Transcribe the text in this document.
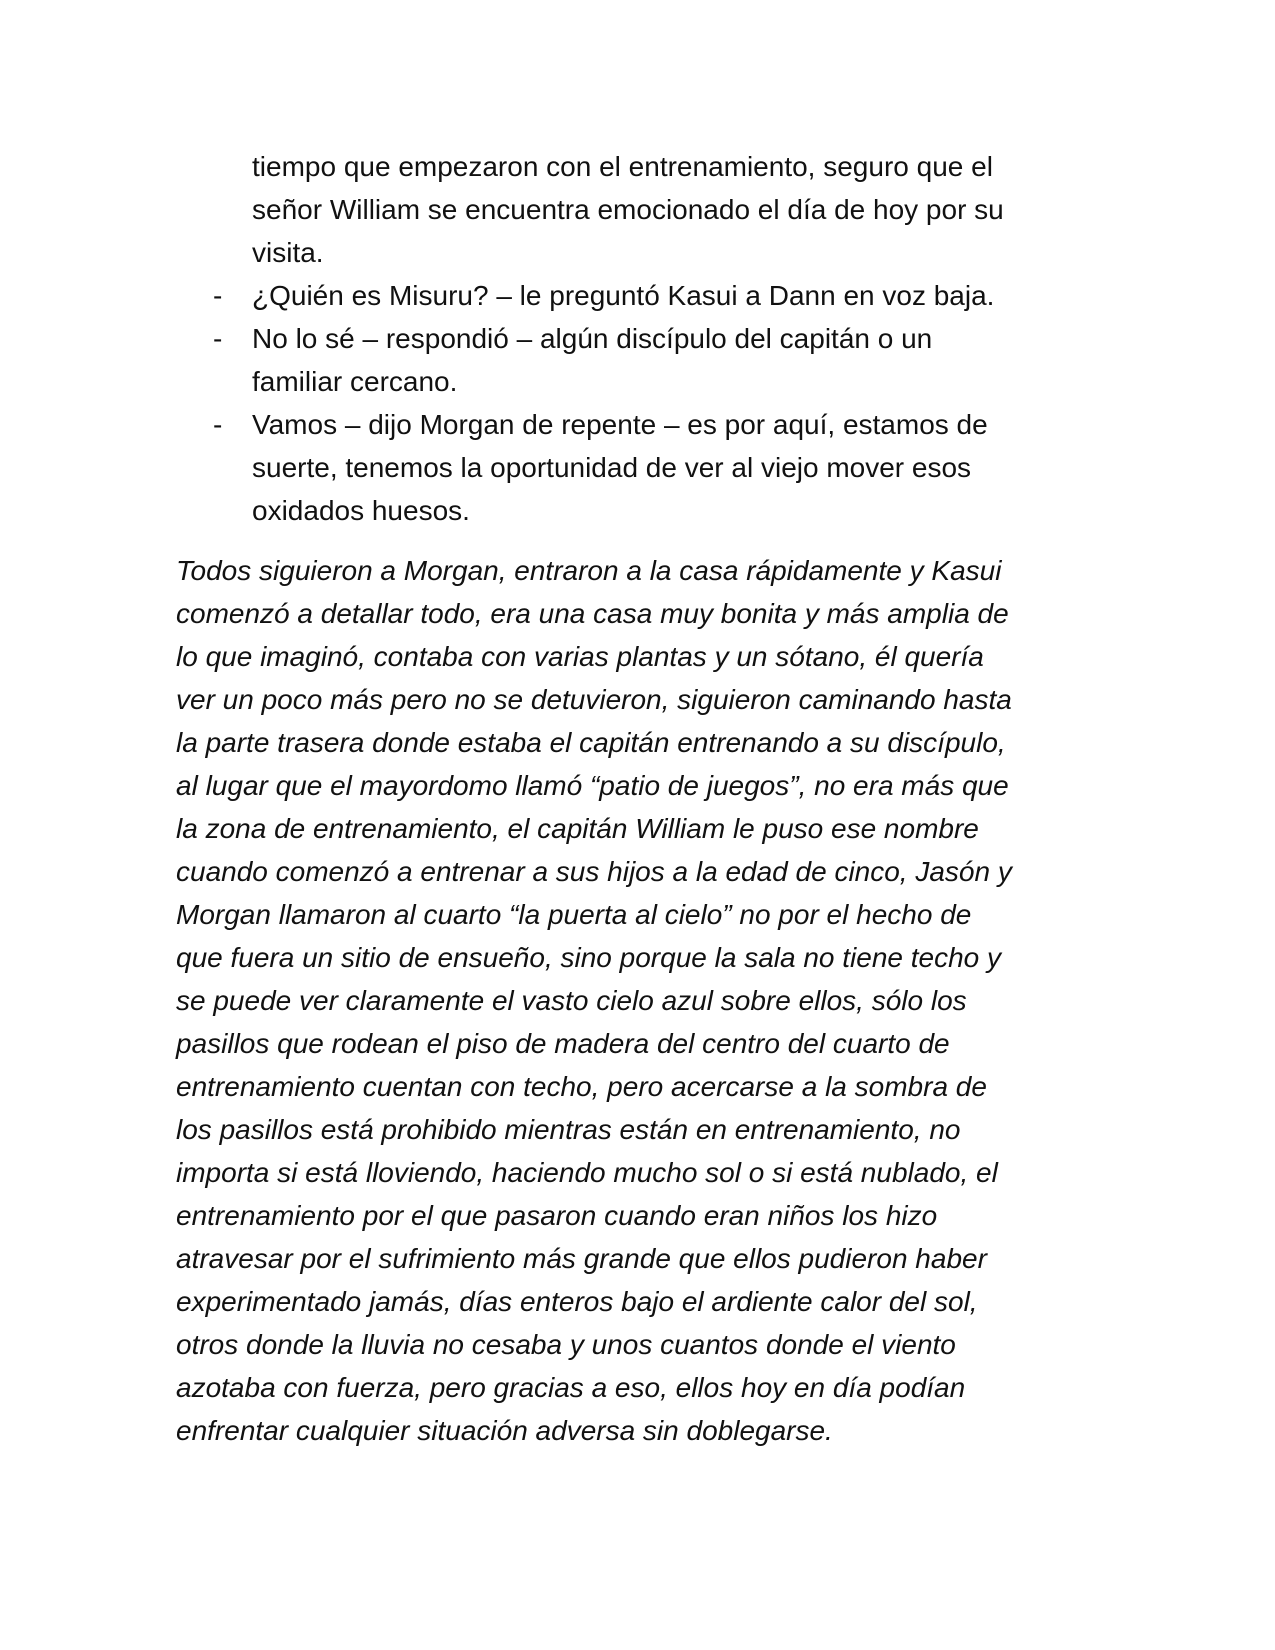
tiempo que empezaron con el entrenamiento, seguro que el
señor William se encuentra emocionado el día de hoy por su
visita.
- ¿Quién es Misuru? – le preguntó Kasui a Dann en voz baja.
- No lo sé – respondió – algún discípulo del capitán o un
familiar cercano.
- Vamos – dijo Morgan de repente – es por aquí, estamos de
suerte, tenemos la oportunidad de ver al viejo mover esos
oxidados huesos.
Todos siguieron a Morgan, entraron a la casa rápidamente y Kasui
comenzó a detallar todo, era una casa muy bonita y más amplia de
lo que imaginó, contaba con varias plantas y un sótano, él quería
ver un poco más pero no se detuvieron, siguieron caminando hasta
la parte trasera donde estaba el capitán entrenando a su discípulo,
al lugar que el mayordomo llamó “patio de juegos”, no era más que
la zona de entrenamiento, el capitán William le puso ese nombre
cuando comenzó a entrenar a sus hijos a la edad de cinco, Jasón y
Morgan llamaron al cuarto “la puerta al cielo” no por el hecho de
que fuera un sitio de ensueño, sino porque la sala no tiene techo y
se puede ver claramente el vasto cielo azul sobre ellos, sólo los
pasillos que rodean el piso de madera del centro del cuarto de
entrenamiento cuentan con techo, pero acercarse a la sombra de
los pasillos está prohibido mientras están en entrenamiento, no
importa si está lloviendo, haciendo mucho sol o si está nublado, el
entrenamiento por el que pasaron cuando eran niños los hizo
atravesar por el sufrimiento más grande que ellos pudieron haber
experimentado jamás, días enteros bajo el ardiente calor del sol,
otros donde la lluvia no cesaba y unos cuantos donde el viento
azotaba con fuerza, pero gracias a eso, ellos hoy en día podían
enfrentar cualquier situación adversa sin doblegarse.
